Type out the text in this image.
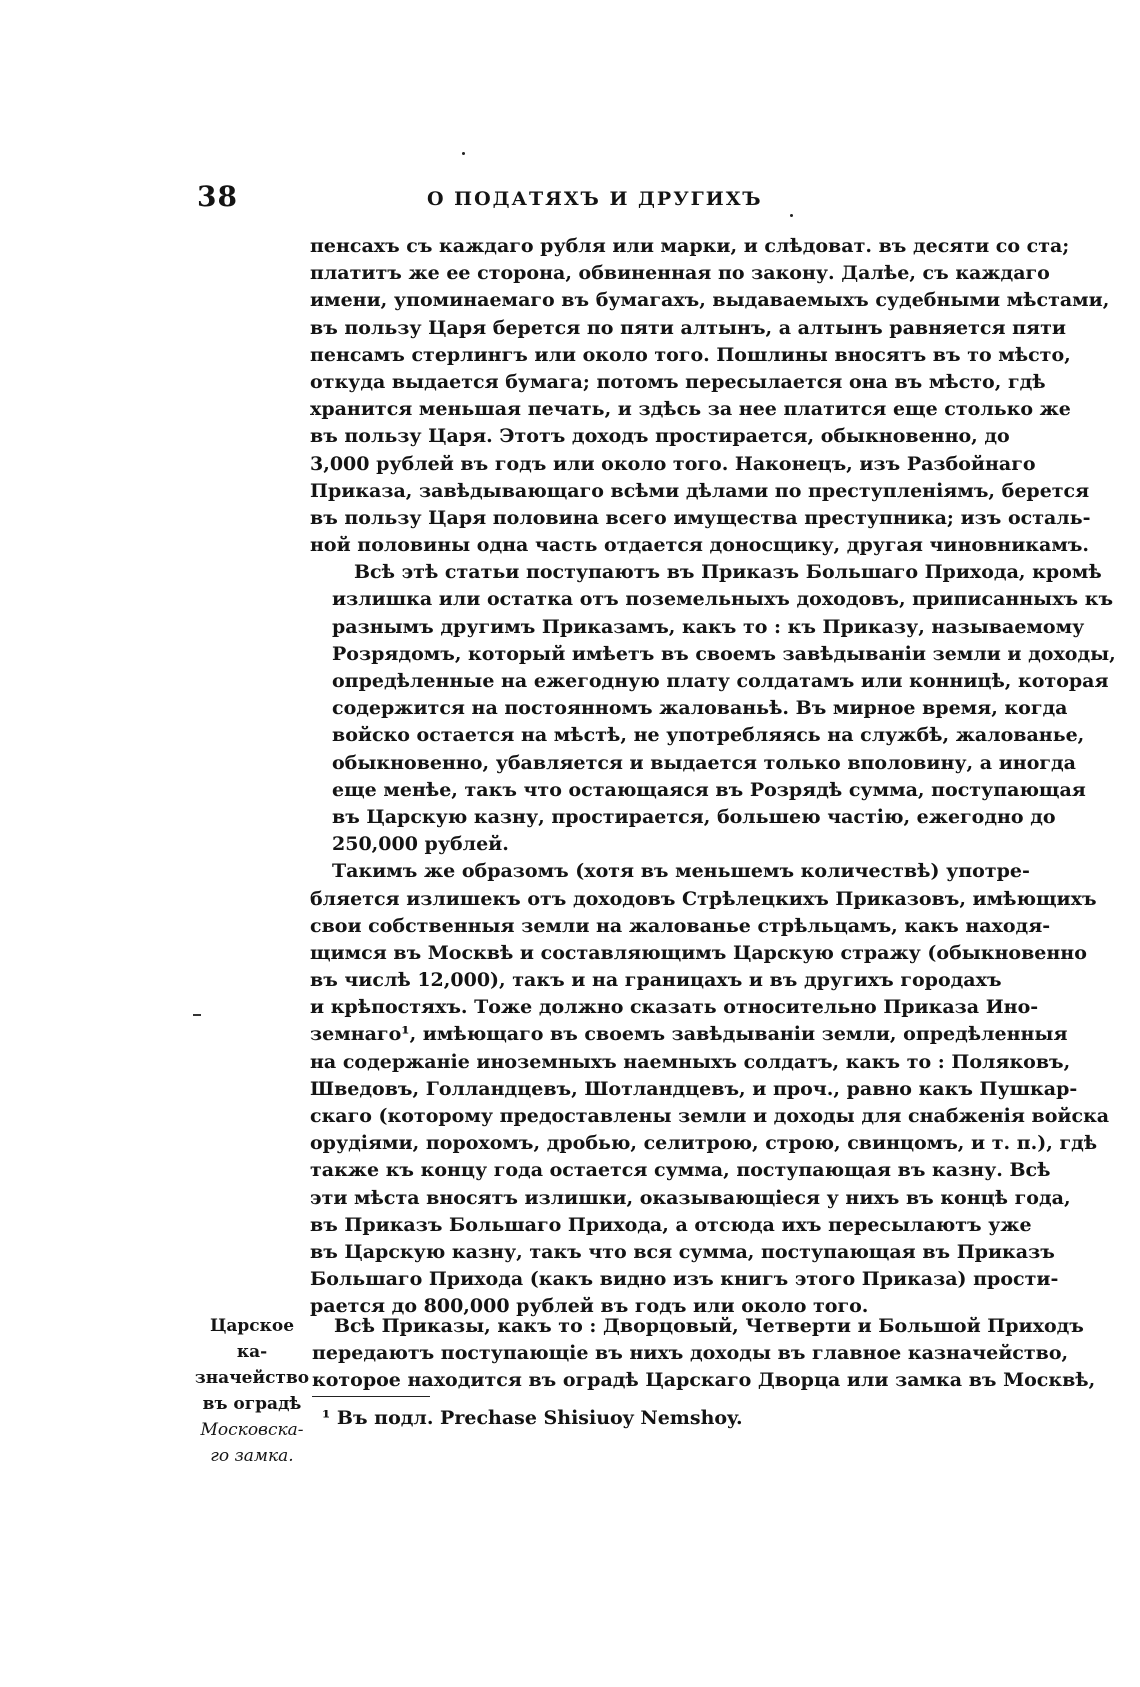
38	О ПОДАТЯХЪ И ДРУГИХЪ
пенсахъ съ каждаго рубля или марки, и слѣдоват. въ десяти со ста;
платитъ же ее сторона, обвиненная по закону. Далѣе, съ каждаго
имени, упоминаемаго въ бумагахъ, выдаваемыхъ судебными мѣстами,
въ пользу Царя берется по пяти алтынъ, а алтынъ равняется пяти
пенсамъ стерлингъ или около того. Пошлины вносятъ въ то мѣсто,
откуда выдается бумага; потомъ пересылается она въ мѣсто, гдѣ
хранится меньшая печать, и здѣсь за нее платится еще столько же
въ пользу Царя. Этотъ доходъ простирается, обыкновенно, до
3,000 рублей въ годъ или около того. Наконецъ, изъ Разбойнаго
Приказа, завѣдывающаго всѣми дѣлами по преступленіямъ, берется
въ пользу Царя половина всего имущества преступника; изъ осталь-
ной половины одна часть отдается доносщику, другая чиновникамъ.
Всѣ этѣ статьи поступаютъ въ Приказъ Большаго Прихода, кромѣ
излишка или остатка отъ поземельныхъ доходовъ, приписанныхъ къ
разнымъ другимъ Приказамъ, какъ то : къ Приказу, называемому
Розрядомъ, который имѣетъ въ своемъ завѣдываніи земли и доходы,
опредѣленные на ежегодную плату солдатамъ или конницѣ, которая
содержится на постоянномъ жалованьѣ. Въ мирное время, когда
войско остается на мѣстѣ, не употребляясь на службѣ, жалованье,
обыкновенно, убавляется и выдается только вполовину, а иногда
еще менѣе, такъ что остающаяся въ Розрядѣ сумма, поступающая
въ Царскую казну, простирается, большею частію, ежегодно до
250,000 рублей.
Такимъ же образомъ (хотя въ меньшемъ количествѣ) употре-
бляется излишекъ отъ доходовъ Стрѣлецкихъ Приказовъ, имѣющихъ
свои собственныя земли на жалованье стрѣльцамъ, какъ находя-
щимся въ Москвѣ и составляющимъ Царскую стражу (обыкновенно
въ числѣ 12,000), такъ и на границахъ и въ другихъ городахъ
и крѣпостяхъ. Тоже должно сказать относительно Приказа Ино-
земнаго¹, имѣющаго въ своемъ завѣдываніи земли, опредѣленныя
на содержаніе иноземныхъ наемныхъ солдатъ, какъ то : Поляковъ,
Шведовъ, Голландцевъ, Шотландцевъ, и проч., равно какъ Пушкар-
скаго (которому предоставлены земли и доходы для снабженія войска
орудіями, порохомъ, дробью, селитрою, строю, свинцомъ, и т. п.), гдѣ
также къ концу года остается сумма, поступающая въ казну. Всѣ
эти мѣста вносятъ излишки, оказывающіеся у нихъ въ концѣ года,
въ Приказъ Большаго Прихода, а отсюда ихъ пересылаютъ уже
въ Царскую казну, такъ что вся сумма, поступающая въ Приказъ
Большаго Прихода (какъ видно изъ книгъ этого Приказа) прости-
рается до 800,000 рублей въ годъ или около того.
Царское ка-
значейство
въ оградѣ
Московска-
го замка.
Всѣ Приказы, какъ то : Дворцовый, Четверти и Большой Приходъ
передаютъ поступающіе въ нихъ доходы въ главное казначейство,
которое находится въ оградѣ Царскаго Дворца или замка въ Москвѣ,
¹ Въ подл. Prechase Shisiuoy Nemshoy.
